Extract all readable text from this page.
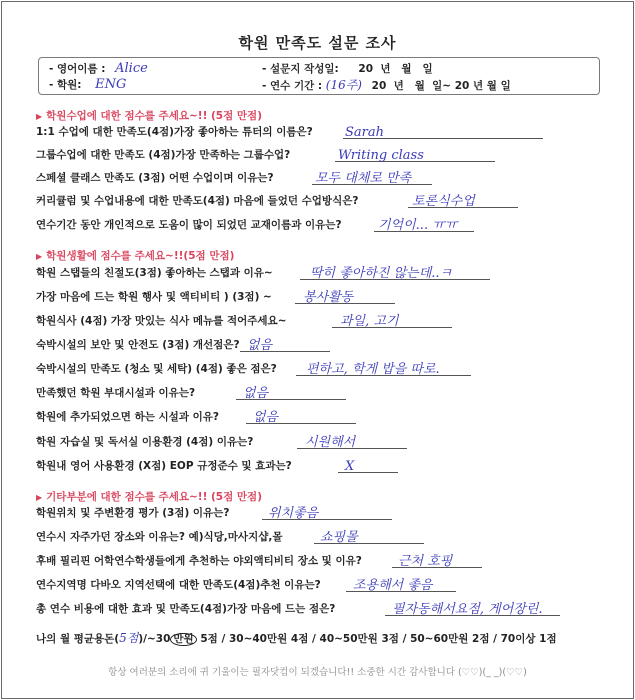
학원 만족도 설문 조사
- 영어이름 : Alice	- 설문지 작성일: 20  년   월   일
- 학원: ENG	- 연수 기간 : (16주) 20  년   월  일~ 20 년 월 일
▶ 학원수업에 대한 점수를 주세요~!! (5점 만점)
1:1 수업에 대한 만족도(4점)가장 좋아하는 튜터의 이름은? Sarah
그룹수업에 대한 만족도 (4점)가장 만족하는 그룹수업?	Writing class
스페셜 클래스 만족도 (3점) 어떤 수업이며 이유는?	모두 대체로 만족
커리큘럼 및 수업내용에 대한 만족도(4점) 마음에 들었던 수업방식은?	토론식수업
연수기간 동안 개인적으로 도움이 많이 되었던 교재이름과 이유는?	기억이... ㅠㅠ
학원 스탭들의 친절도(3점) 좋아하는 스탭과 이유~	딱히 좋아하진 않는데..ㅋ
가장 마음에 드는 학원 행사 및 액티비티 ) (3점) ~ 봉사활동
학원식사 (4점) 가장 맛있는 식사 메뉴를 적어주세요~	과일, 고기
숙박시설의 보안 및 안전도 (3점) 개선점은? 없음
숙박시설의 만족도 (청소 및 세탁) (4점) 좋은 점은? 편하고, 학게 밥을 따로.
만족했던 학원 부대시설과 이유는?	없음
학원에 추가되었으면 하는 시설과 이유?	없음
학원 자습실 및 독서실 이용환경 (4점) 이유는?	시원해서
학원내 영어 사용환경 (X점) EOP 규정준수 및 효과는?	X
학원위치 및 주변환경 평가 (3점) 이유는?	위치좋음
연수시 자주가던 장소와 이유는? 예)식당,마사지샵,몰	쇼핑몰
후배 필리핀 어학연수학생들에게 추천하는 야외액티비티 장소 및 이유?	근처 호핑
연수지역명 다바오 지역선택에 대한 만족도(4점)추천 이유는? 조용해서 좋음
총 연수 비용에 대한 효과 및 만족도(4점)가장 마음에 드는 점은?	필자동해서요점, 게어장린.
▶ 학원생활에 점수를 주세요~!!(5점 만점)
▶ 기타부분에 대한 점수를 주세요~!! (5점 만점)
나의 월 평균용돈(5점)/~30 만원 5점 / 30~40만원 4점 / 40~50만원 3점 / 50~60만원 2점 / 70이상 1점
항상 여러분의 소리에 귀 기울이는 필자닷컴이 되겠습니다!! 소중한 시간 감사합니다 (♡♡)(_ _)(♡♡)
